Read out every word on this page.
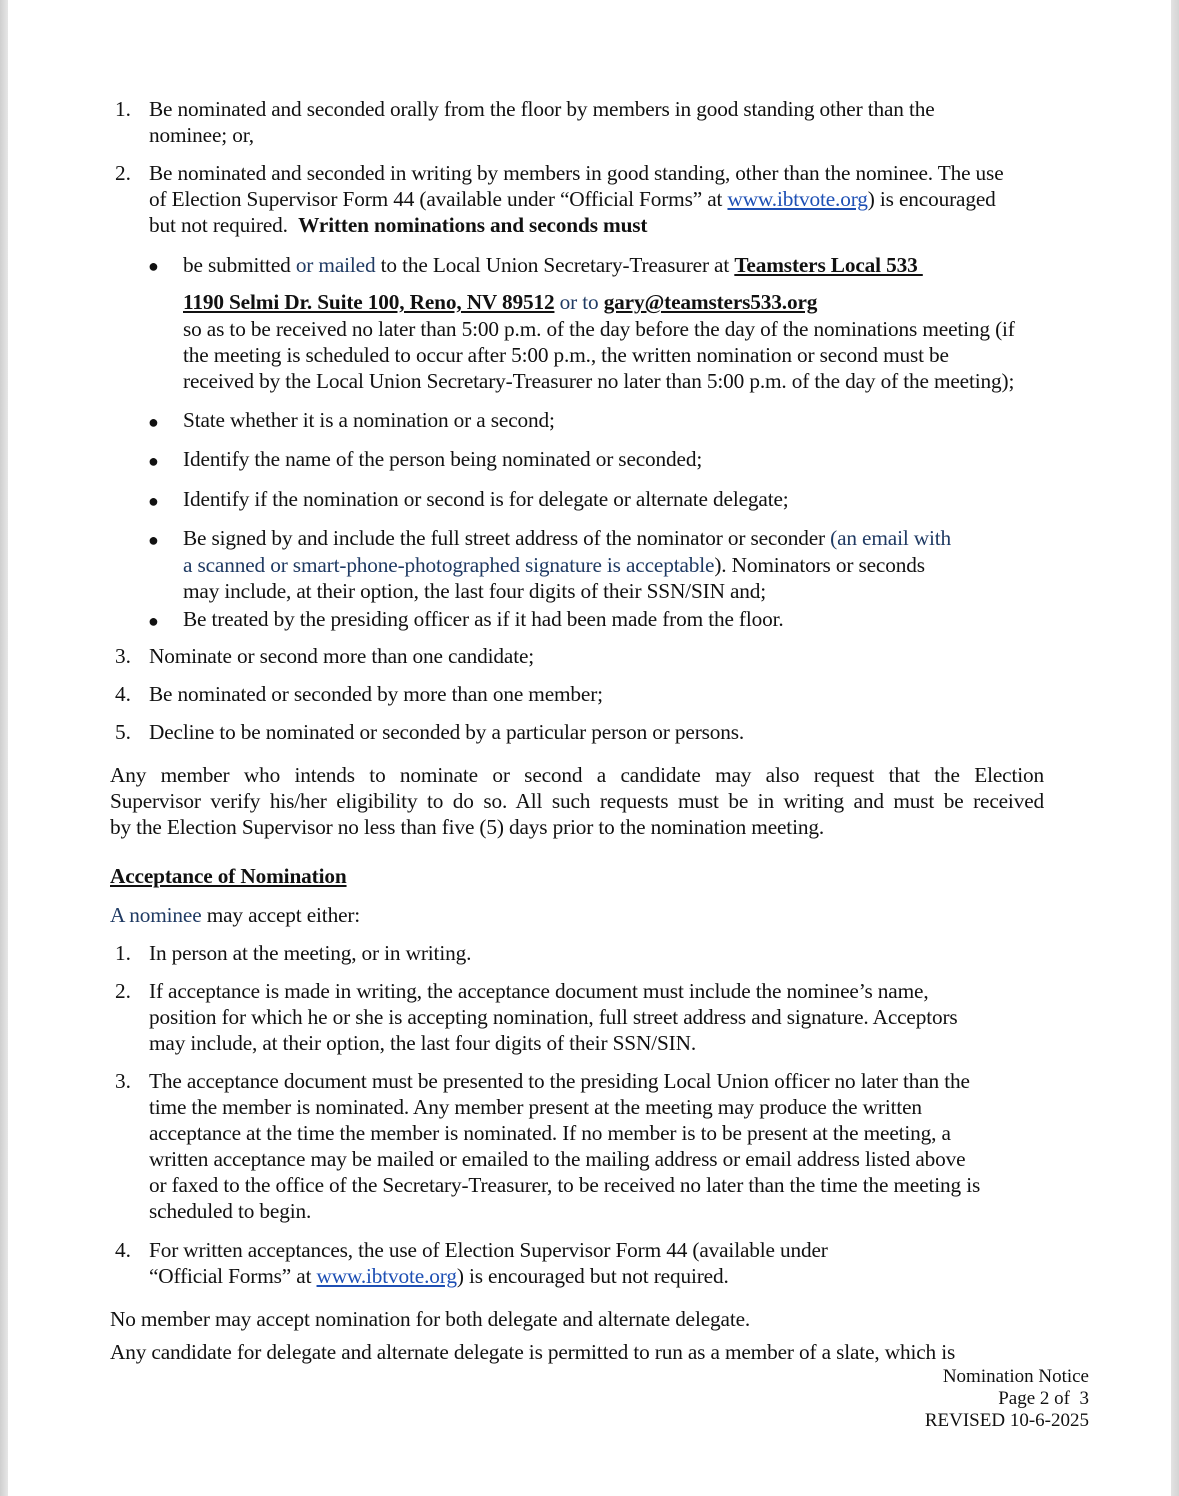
1. Be nominated and seconded orally from the floor by members in good standing other than the
nominee; or,
2. Be nominated and seconded in writing by members in good standing, other than the nominee. The use
of Election Supervisor Form 44 (available under “Official Forms” at www.ibtvote.org) is encouraged
but not required.  Written nominations and seconds must
● be submitted or mailed to the Local Union Secretary-Treasurer at Teamsters Local 533
1190 Selmi Dr. Suite 100, Reno, NV 89512 or to gary@teamsters533.org
so as to be received no later than 5:00 p.m. of the day before the day of the nominations meeting (if
the meeting is scheduled to occur after 5:00 p.m., the written nomination or second must be
received by the Local Union Secretary-Treasurer no later than 5:00 p.m. of the day of the meeting);
● State whether it is a nomination or a second;
● Identify the name of the person being nominated or seconded;
● Identify if the nomination or second is for delegate or alternate delegate;
● Be signed by and include the full street address of the nominator or seconder (an email with
a scanned or smart-phone-photographed signature is acceptable). Nominators or seconds
may include, at their option, the last four digits of their SSN/SIN and;
● Be treated by the presiding officer as if it had been made from the floor.
3. Nominate or second more than one candidate;
4. Be nominated or seconded by more than one member;
5. Decline to be nominated or seconded by a particular person or persons.
Any member who intends to nominate or second a candidate may also request that the Election
Supervisor verify his/her eligibility to do so. All such requests must be in writing and must be received
by the Election Supervisor no less than five (5) days prior to the nomination meeting.
Acceptance of Nomination
A nominee may accept either:
1. In person at the meeting, or in writing.
2. If acceptance is made in writing, the acceptance document must include the nominee’s name,
position for which he or she is accepting nomination, full street address and signature. Acceptors
may include, at their option, the last four digits of their SSN/SIN.
3. The acceptance document must be presented to the presiding Local Union officer no later than the
time the member is nominated. Any member present at the meeting may produce the written
acceptance at the time the member is nominated. If no member is to be present at the meeting, a
written acceptance may be mailed or emailed to the mailing address or email address listed above
or faxed to the office of the Secretary-Treasurer, to be received no later than the time the meeting is
scheduled to begin.
4. For written acceptances, the use of Election Supervisor Form 44 (available under
“Official Forms” at www.ibtvote.org) is encouraged but not required.
No member may accept nomination for both delegate and alternate delegate.
Any candidate for delegate and alternate delegate is permitted to run as a member of a slate, which is
Nomination Notice
Page 2 of  3
REVISED 10-6-2025
